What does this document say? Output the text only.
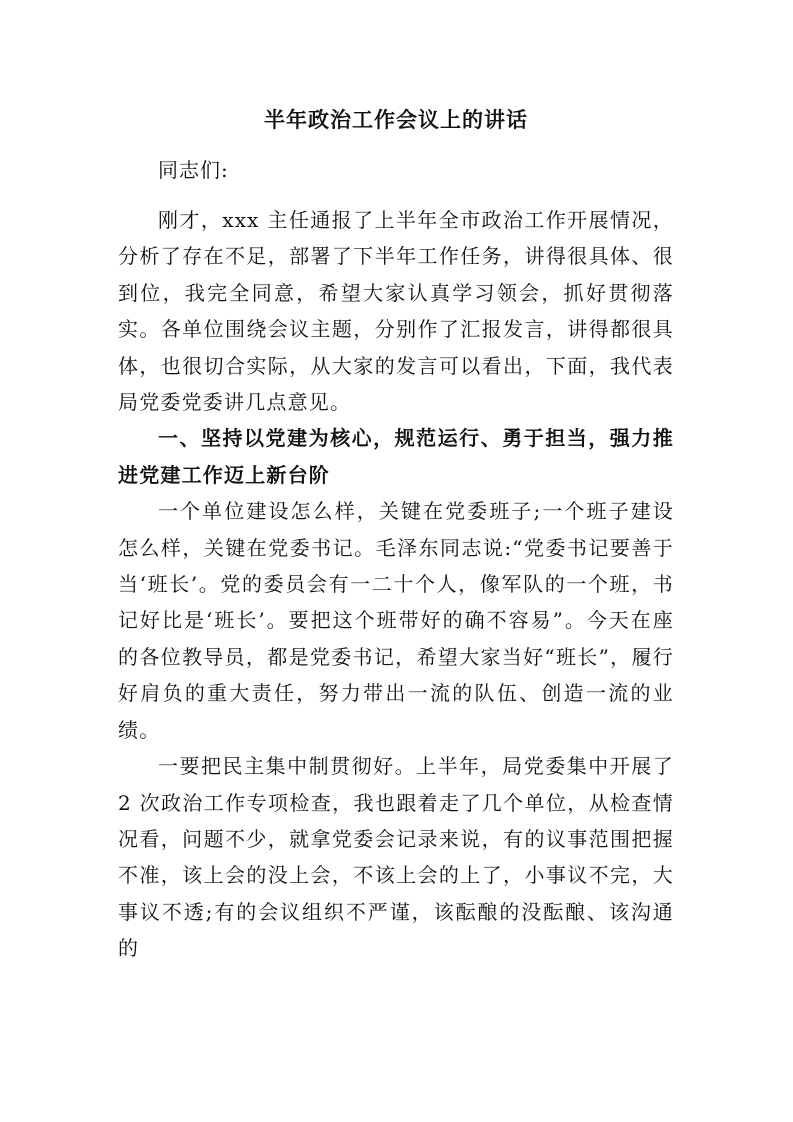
半年政治工作会议上的讲话

同志们:

刚才，xxx 主任通报了上半年全市政治工作开展情况，分析了存在不足，部署了下半年工作任务，讲得很具体、很到位，我完全同意，希望大家认真学习领会，抓好贯彻落实。各单位围绕会议主题，分别作了汇报发言，讲得都很具体，也很切合实际，从大家的发言可以看出，下面，我代表局党委党委讲几点意见。

一、坚持以党建为核心，规范运行、勇于担当，强力推进党建工作迈上新台阶

一个单位建设怎么样，关键在党委班子;一个班子建设怎么样，关键在党委书记。毛泽东同志说:“党委书记要善于当‘班长’。党的委员会有一二十个人，像军队的一个班，书记好比是‘班长’。要把这个班带好的确不容易”。今天在座的各位教导员，都是党委书记，希望大家当好“班长”，履行好肩负的重大责任，努力带出一流的队伍、创造一流的业绩。

一要把民主集中制贯彻好。上半年，局党委集中开展了 2 次政治工作专项检查，我也跟着走了几个单位，从检查情况看，问题不少，就拿党委会记录来说，有的议事范围把握不准，该上会的没上会，不该上会的上了，小事议不完，大事议不透;有的会议组织不严谨，该酝酿的没酝酿、该沟通的
